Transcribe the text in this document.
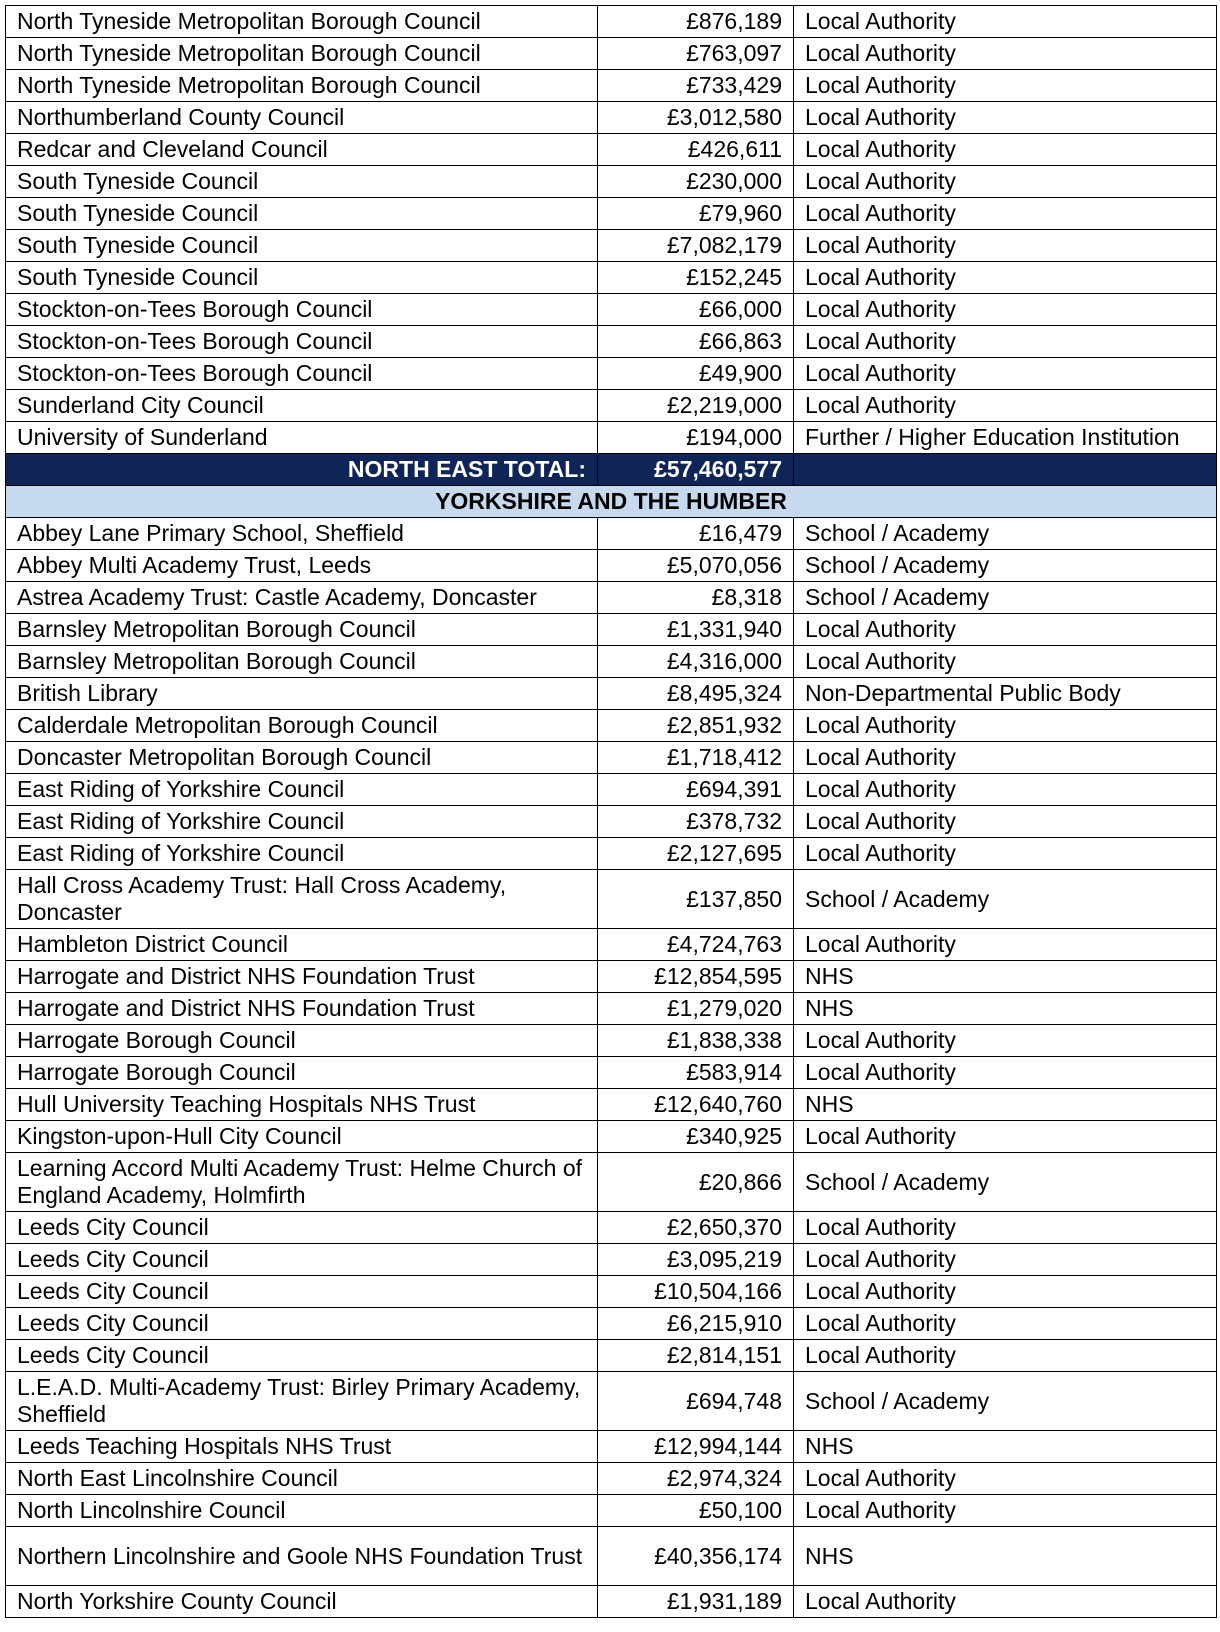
North Tyneside Metropolitan Borough Council	£876,189	Local Authority
North Tyneside Metropolitan Borough Council	£763,097	Local Authority
North Tyneside Metropolitan Borough Council	£733,429	Local Authority
Northumberland County Council	£3,012,580	Local Authority
Redcar and Cleveland Council	£426,611	Local Authority
South Tyneside Council	£230,000	Local Authority
South Tyneside Council	£79,960	Local Authority
South Tyneside Council	£7,082,179	Local Authority
South Tyneside Council	£152,245	Local Authority
Stockton-on-Tees Borough Council	£66,000	Local Authority
Stockton-on-Tees Borough Council	£66,863	Local Authority
Stockton-on-Tees Borough Council	£49,900	Local Authority
Sunderland City Council	£2,219,000	Local Authority
University of Sunderland	£194,000	Further / Higher Education Institution
NORTH EAST TOTAL:	£57,460,577	
YORKSHIRE AND THE HUMBER		
Abbey Lane Primary School, Sheffield	£16,479	School / Academy
Abbey Multi Academy Trust, Leeds	£5,070,056	School / Academy
Astrea Academy Trust: Castle Academy, Doncaster	£8,318	School / Academy
Barnsley Metropolitan Borough Council	£1,331,940	Local Authority
Barnsley Metropolitan Borough Council	£4,316,000	Local Authority
British Library	£8,495,324	Non-Departmental Public Body
Calderdale Metropolitan Borough Council	£2,851,932	Local Authority
Doncaster Metropolitan Borough Council	£1,718,412	Local Authority
East Riding of Yorkshire Council	£694,391	Local Authority
East Riding of Yorkshire Council	£378,732	Local Authority
East Riding of Yorkshire Council	£2,127,695	Local Authority
Hall Cross Academy Trust: Hall Cross Academy, Doncaster	£137,850	School / Academy
Hambleton District Council	£4,724,763	Local Authority
Harrogate and District NHS Foundation Trust	£12,854,595	NHS
Harrogate and District NHS Foundation Trust	£1,279,020	NHS
Harrogate Borough Council	£1,838,338	Local Authority
Harrogate Borough Council	£583,914	Local Authority
Hull University Teaching Hospitals NHS Trust	£12,640,760	NHS
Kingston-upon-Hull City Council	£340,925	Local Authority
Learning Accord Multi Academy Trust: Helme Church of England Academy, Holmfirth	£20,866	School / Academy
Leeds City Council	£2,650,370	Local Authority
Leeds City Council	£3,095,219	Local Authority
Leeds City Council	£10,504,166	Local Authority
Leeds City Council	£6,215,910	Local Authority
Leeds City Council	£2,814,151	Local Authority
L.E.A.D. Multi-Academy Trust: Birley Primary Academy, Sheffield	£694,748	School / Academy
Leeds Teaching Hospitals NHS Trust	£12,994,144	NHS
North East Lincolnshire Council	£2,974,324	Local Authority
North Lincolnshire Council	£50,100	Local Authority
Northern Lincolnshire and Goole NHS Foundation Trust	£40,356,174	NHS
North Yorkshire County Council	£1,931,189	Local Authority
